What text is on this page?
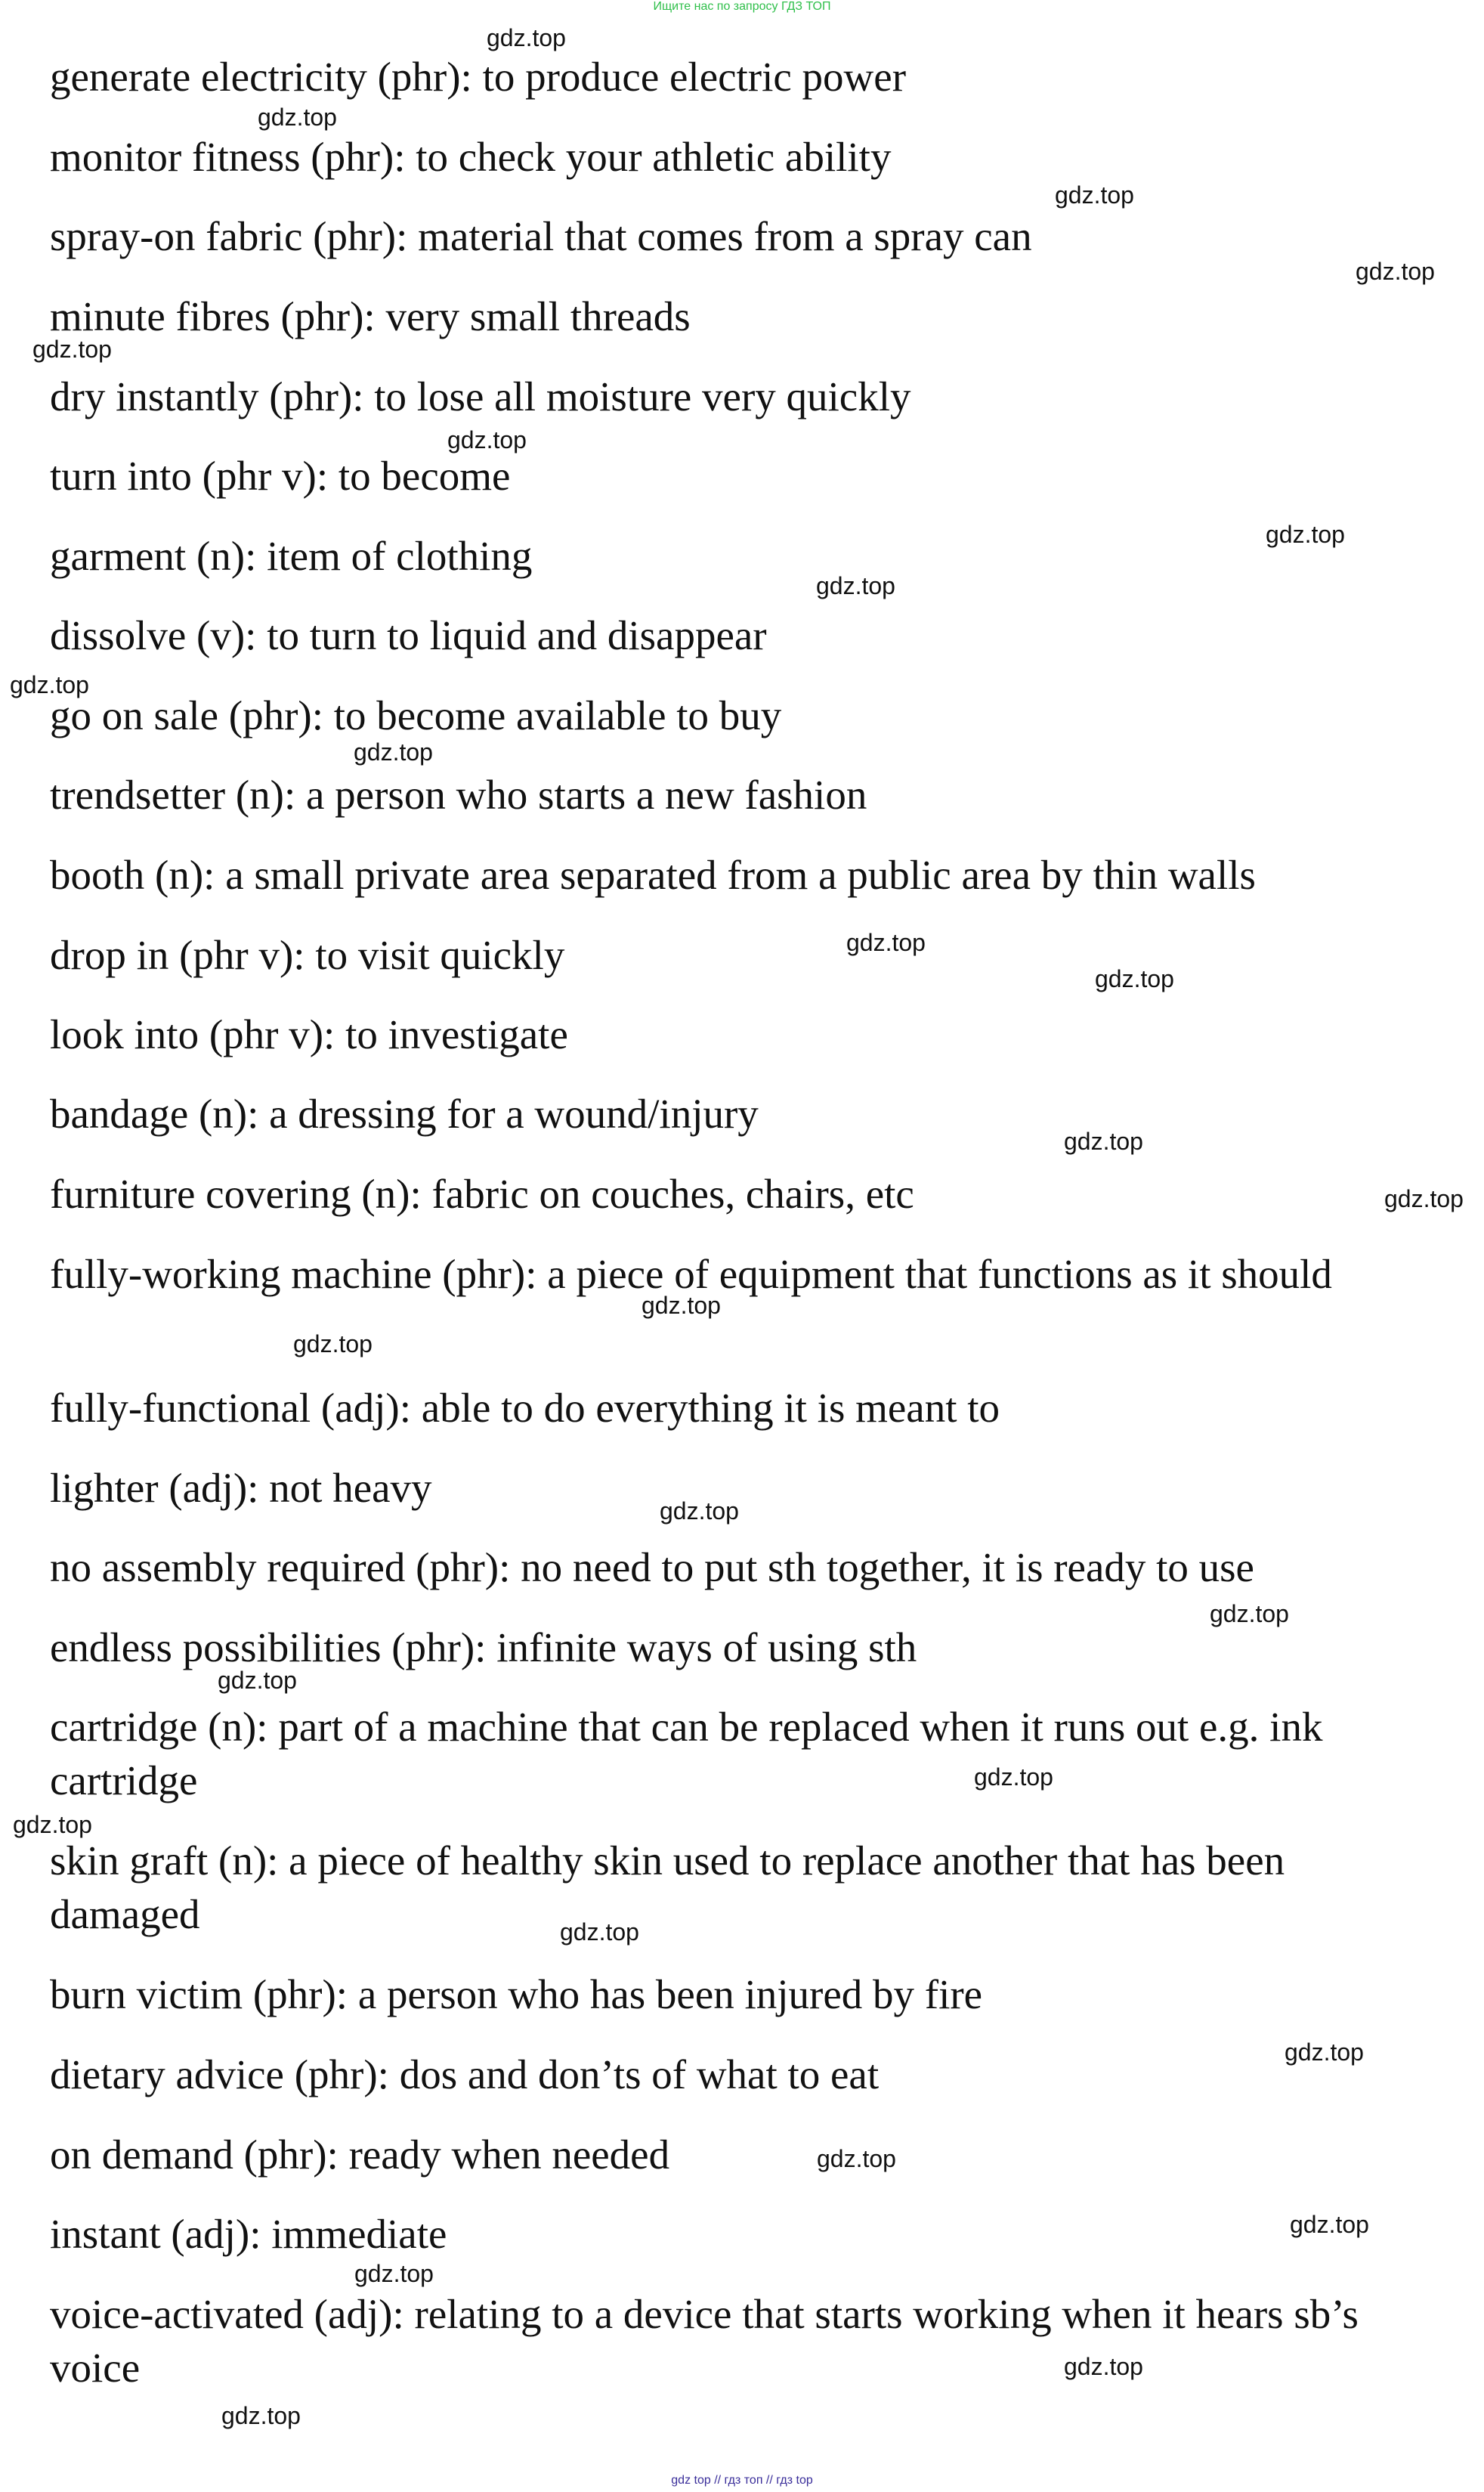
Ищите нас по запросу ГДЗ ТОП
generate electricity (phr): to produce electric power
monitor fitness (phr): to check your athletic ability
spray-on fabric (phr): material that comes from a spray can
minute fibres (phr): very small threads
dry instantly (phr): to lose all moisture very quickly
turn into (phr v): to become
garment (n): item of clothing
dissolve (v): to turn to liquid and disappear
go on sale (phr): to become available to buy
trendsetter (n): a person who starts a new fashion
booth (n): a small private area separated from a public area by thin walls
drop in (phr v): to visit quickly
look into (phr v): to investigate
bandage (n): a dressing for a wound/injury
furniture covering (n): fabric on couches, chairs, etc
fully-working machine (phr): a piece of equipment that functions as it should
fully-functional (adj): able to do everything it is meant to
lighter (adj): not heavy
no assembly required (phr): no need to put sth together, it is ready to use
endless possibilities (phr): infinite ways of using sth
cartridge (n): part of a machine that can be replaced when it runs out e.g. ink cartridge
skin graft (n): a piece of healthy skin used to replace another that has been damaged
burn victim (phr): a person who has been injured by fire
dietary advice (phr): dos and don’ts of what to eat
on demand (phr): ready when needed
instant (adj): immediate
voice-activated (adj): relating to a device that starts working when it hears sb’s voice
gdz.top
gdz.top
gdz.top
gdz.top
gdz.top
gdz.top
gdz.top
gdz.top
gdz.top
gdz.top
gdz.top
gdz.top
gdz.top
gdz.top
gdz.top
gdz.top
gdz.top
gdz.top
gdz.top
gdz.top
gdz.top
gdz.top
gdz.top
gdz.top
gdz.top
gdz.top
gdz.top
gdz.top
gdz top // гдз топ // гдз top
